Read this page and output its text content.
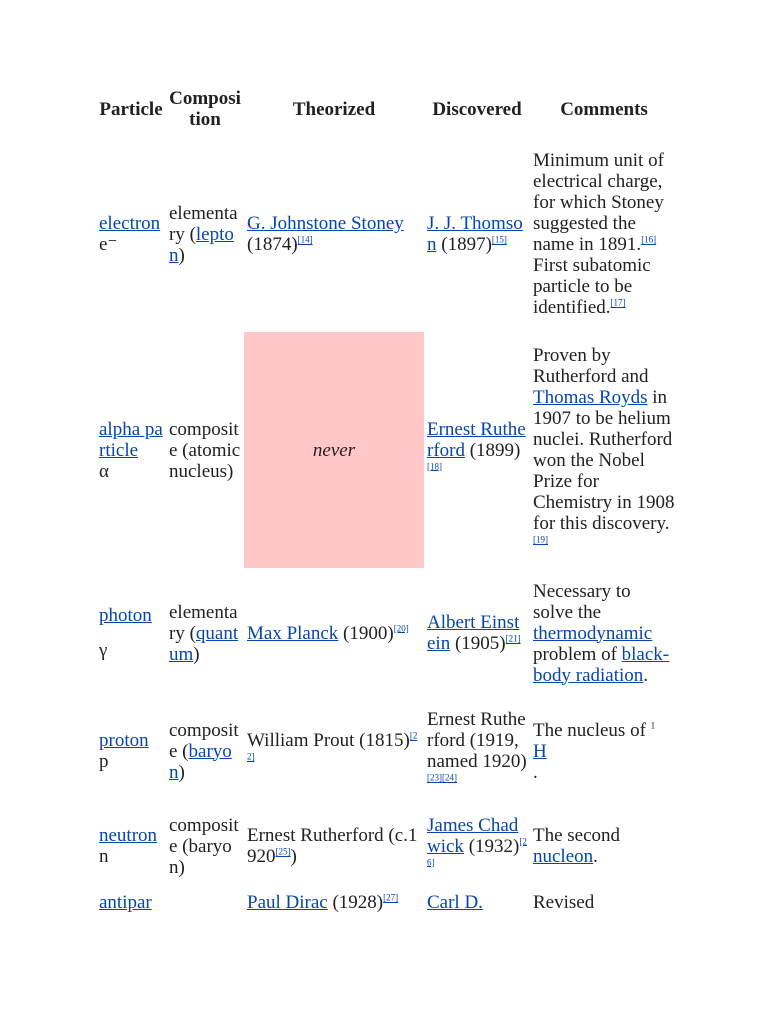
Particle	Composition	Theorized	Discovered	Comments
electron
e⁻	elementary (lepton)	G. Johnstone Stoney (1874)[14]	J. J. Thomson (1897)[15]	Minimum unit of electrical charge, for which Stoney suggested the name in 1891.[16] First subatomic particle to be identified.[17]
alpha particle
α	composite (atomic nucleus)	never	Ernest Rutherford (1899)[18]	Proven by Rutherford and Thomas Royds in 1907 to be helium nuclei. Rutherford won the Nobel Prize for Chemistry in 1908 for this discovery.[19]
photon
γ	elementary (quantum)	Max Planck (1900)[20]	Albert Einstein (1905)[21]	Necessary to solve the thermodynamic problem of black-body radiation.
proton
p	composite (baryon)	William Prout (1815)[22]	Ernest Rutherford (1919, named 1920)[23][24]	The nucleus of $^1$
H
.
neutron
n	composite (baryon)	Ernest Rutherford (c.1920[25])	James Chadwick (1932)[26]	The second nucleon.
antipar		Paul Dirac (1928)[27]	Carl D.	Revised
